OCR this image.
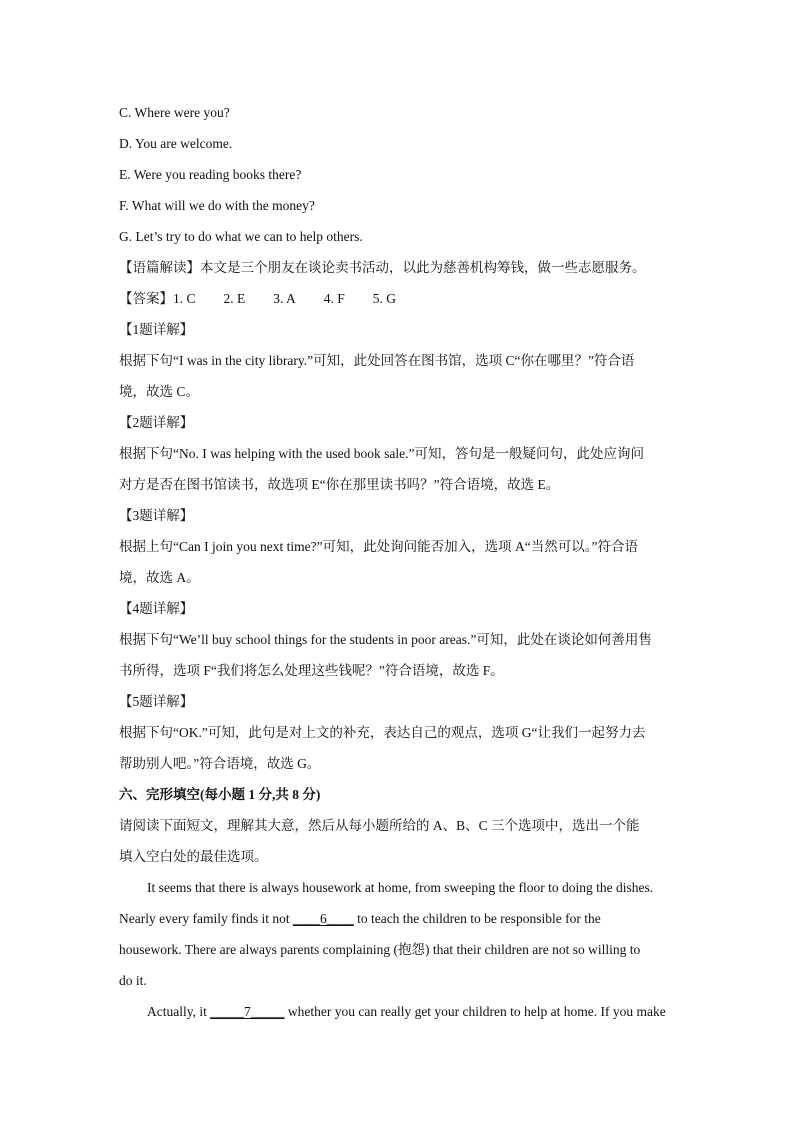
C. Where were you?
D. You are welcome.
E. Were you reading books there?
F. What will we do with the money?
G. Let’s try to do what we can to help others.
【语篇解读】本文是三个朋友在谈论卖书活动，以此为慈善机构筹钱，做一些志愿服务。
【答案】1. C 2. E 3. A 4. F 5. G
【1题详解】
根据下句“I was in the city library.”可知，此处回答在图书馆，选项 C“你在哪里？”符合语
境，故选 C。
【2题详解】
根据下句“No. I was helping with the used book sale.”可知，答句是一般疑问句，此处应询问
对方是否在图书馆读书，故选项 E“你在那里读书吗？”符合语境，故选 E。
【3题详解】
根据上句“Can I join you next time?”可知，此处询问能否加入，选项 A“当然可以。”符合语
境，故选 A。
【4题详解】
根据下句“We’ll buy school things for the students in poor areas.”可知，此处在谈论如何善用售
书所得，选项 F“我们将怎么处理这些钱呢？”符合语境，故选 F。
【5题详解】
根据下句“OK.”可知，此句是对上文的补充，表达自己的观点，选项 G“让我们一起努力去
帮助别人吧。”符合语境，故选 G。
六、完形填空(每小题 1 分,共 8 分)
请阅读下面短文，理解其大意，然后从每小题所给的 A、B、C 三个选项中，选出一个能
填入空白处的最佳选项。
It seems that there is always housework at home, from sweeping the floor to doing the dishes.
Nearly every family finds it not ____6____ to teach the children to be responsible for the
housework. There are always parents complaining (抱怨) that their children are not so willing to
do it.
Actually, it _____7_____ whether you can really get your children to help at home. If you make
